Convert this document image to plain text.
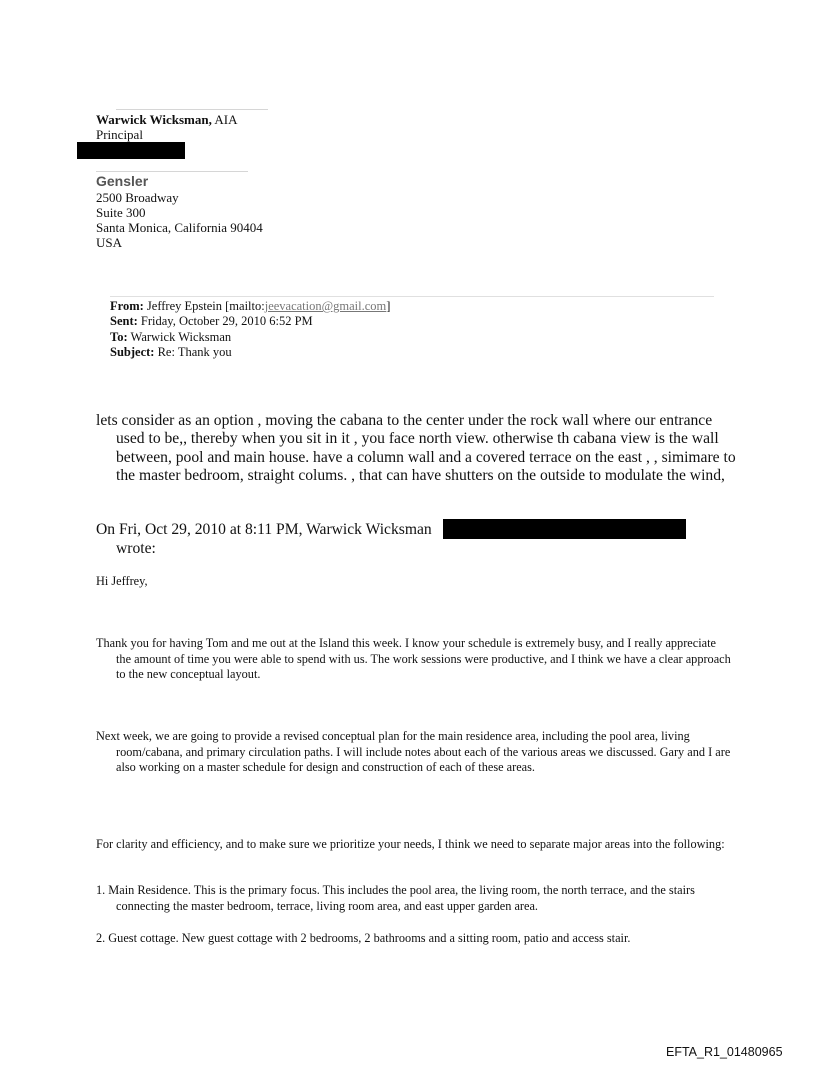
Warwick Wicksman, AIA
Principal
Gensler
2500 Broadway
Suite 300
Santa Monica, California 90404
USA
From: Jeffrey Epstein [mailto:jeevacation@gmail.com]
Sent: Friday, October 29, 2010 6:52 PM
To: Warwick Wicksman
Subject: Re: Thank you
lets consider as an option , moving the cabana to the center under the rock wall where our entrance used to be,, thereby when you sit in it , you face north view. otherwise th cabana view is the wall between, pool and main house. have a column wall and a covered terrace on the east , , simimare to the master bedroom, straight colums. , that can have shutters on the outside to modulate the wind,
On Fri, Oct 29, 2010 at 8:11 PM, Warwick Wicksman
wrote:
Hi Jeffrey,
Thank you for having Tom and me out at the Island this week. I know your schedule is extremely busy, and I really appreciate the amount of time you were able to spend with us. The work sessions were productive, and I think we have a clear approach to the new conceptual layout.
Next week, we are going to provide a revised conceptual plan for the main residence area, including the pool area, living room/cabana, and primary circulation paths. I will include notes about each of the various areas we discussed. Gary and I are also working on a master schedule for design and construction of each of these areas.
For clarity and efficiency, and to make sure we prioritize your needs, I think we need to separate major areas into the following:
1. Main Residence. This is the primary focus. This includes the pool area, the living room, the north terrace, and the stairs connecting the master bedroom, terrace, living room area, and east upper garden area.
2. Guest cottage. New guest cottage with 2 bedrooms, 2 bathrooms and a sitting room, patio and access stair.
EFTA_R1_01480965
